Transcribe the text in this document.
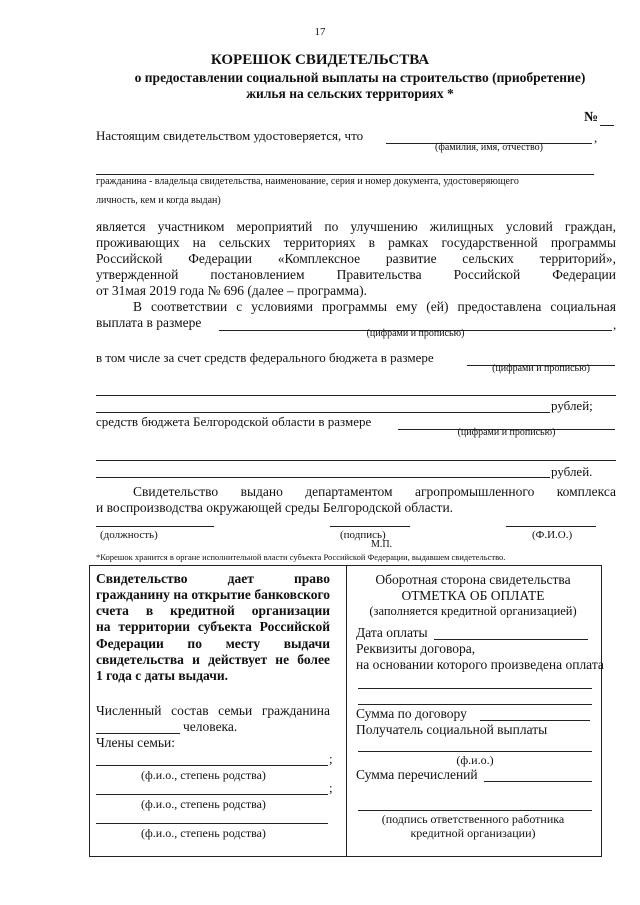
17
КОРЕШОК СВИДЕТЕЛЬСТВА
о предоставлении социальной выплаты на строительство (приобретение)
жилья на сельских территориях *
№
Настоящим свидетельством удостоверяется, что	,
(фамилия, имя, отчество)
гражданина - владельца свидетельства, наименование, серия и номер документа, удостоверяющего
личность, кем и когда выдан)
является участником мероприятий по улучшению жилищных условий граждан,
проживающих на сельских территориях в рамках государственной программы
Российской Федерации «Комплексное развитие сельских территорий»,
утвержденной постановлением Правительства Российской Федерации
от 31мая 2019 года № 696 (далее – программа).
В соответствии с условиями программы ему (ей) предоставлена социальная
выплата в размере	,
(цифрами и прописью)
в том числе за счет средств федерального бюджета в размере
(цифрами и прописью)
рублей;
средств бюджета Белгородской области в размере
(цифрами и прописью)
рублей.
Свидетельство выдано департаментом агропромышленного комплекса
и воспроизводства окружающей среды Белгородской области.
(должность)	(подпись)
М.П.
(Ф.И.О.)
*Корешок хранится в органе исполнительной власти субъекта Российской Федерации, выдавшем свидетельство.
Свидетельство дает право
гражданину на открытие банковского
счета в кредитной организации
на территории субъекта Российской
Федерации по месту выдачи
свидетельства и действует не более
1 года с даты выдачи.
Численный состав семьи гражданина
человека.
Члены семьи:
;
(ф.и.о., степень родства)
;
(ф.и.о., степень родства)
(ф.и.о., степень родства)
Оборотная сторона свидетельства
ОТМЕТКА ОБ ОПЛАТЕ
(заполняется кредитной организацией)
Дата оплаты
Реквизиты договора,
на основании которого произведена оплата
Сумма по договору
Получатель социальной выплаты
(ф.и.о.)
Сумма перечислений
(подпись ответственного работника
кредитной организации)
